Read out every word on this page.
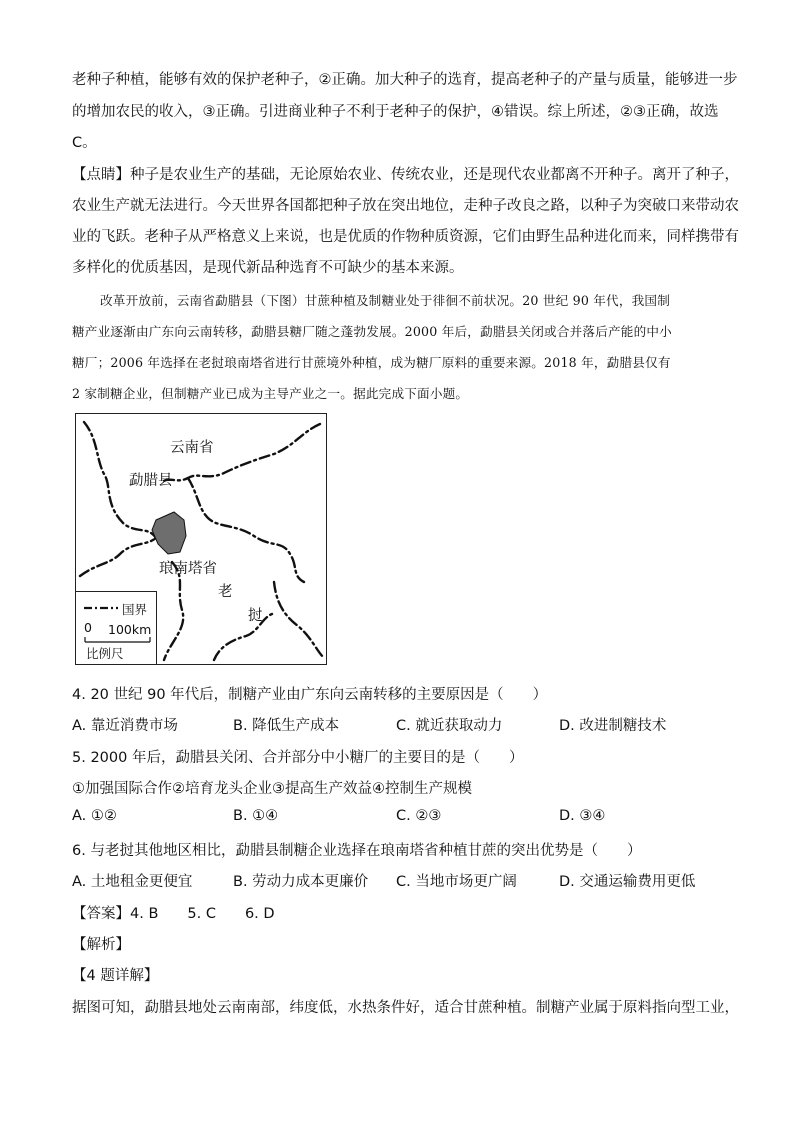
老种子种植，能够有效的保护老种子，②正确。加大种子的选育，提高老种子的产量与质量，能够进一步
的增加农民的收入，③正确。引进商业种子不利于老种子的保护，④错误。综上所述，②③正确，故选
C。
【点睛】种子是农业生产的基础，无论原始农业、传统农业，还是现代农业都离不开种子。离开了种子，
农业生产就无法进行。今天世界各国都把种子放在突出地位，走种子改良之路，以种子为突破口来带动农
业的飞跃。老种子从严格意义上来说，也是优质的作物种质资源，它们由野生品种进化而来，同样携带有
多样化的优质基因，是现代新品种选育不可缺少的基本来源。
改革开放前，云南省勐腊县（下图）甘蔗种植及制糖业处于徘徊不前状况。20 世纪 90 年代，我国制
糖产业逐渐由广东向云南转移，勐腊县糖厂随之蓬勃发展。2000 年后，勐腊县关闭或合并落后产能的中小
糖厂；2006 年选择在老挝琅南塔省进行甘蔗境外种植，成为糖厂原料的重要来源。2018 年，勐腊县仅有
2 家制糖企业，但制糖产业已成为主导产业之一。据此完成下面小题。
云南省
勐腊县
琅南塔省
老
挝
国界
0 100km
比例尺
4. 20 世纪 90 年代后，制糖产业由广东向云南转移的主要原因是（　　）
A. 靠近消费市场	B. 降低生产成本	C. 就近获取动力	D. 改进制糖技术
5. 2000 年后，勐腊县关闭、合并部分中小糖厂的主要目的是（　　）
①加强国际合作②培育龙头企业③提高生产效益④控制生产规模
A. ①②	B. ①④	C. ②③	D. ③④
6. 与老挝其他地区相比，勐腊县制糖企业选择在琅南塔省种植甘蔗的突出优势是（　　）
A. 土地租金更便宜	B. 劳动力成本更廉价 C. 当地市场更广阔	D. 交通运输费用更低
【答案】4. B　　5. C　　6. D
【解析】
【4 题详解】
据图可知，勐腊县地处云南南部，纬度低，水热条件好，适合甘蔗种植。制糖产业属于原料指向型工业，
